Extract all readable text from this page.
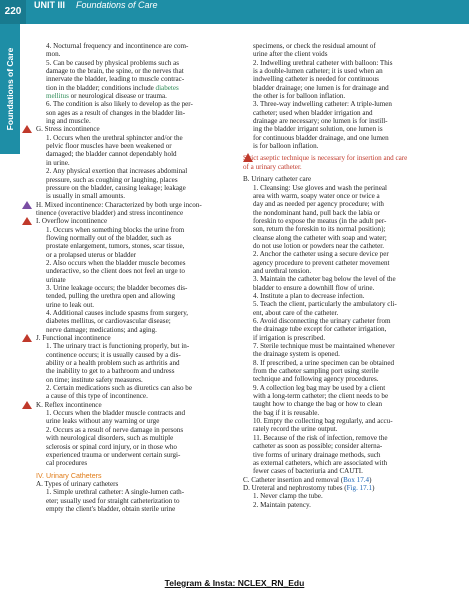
220
UNIT III Foundations of Care
Foundations of Care
4. Nocturnal frequency and incontinence are com-
mon.
5. Can be caused by physical problems such as
damage to the brain, the spine, or the nerves that
innervate the bladder, leading to muscle contrac-
tion in the bladder; conditions include diabetes
mellitus or neurological disease or trauma.
6. The condition is also likely to develop as the per-
son ages as a result of changes in the bladder lin-
ing and muscle.
G. Stress incontinence
1. Occurs when the urethral sphincter and/or the
pelvic floor muscles have been weakened or
damaged; the bladder cannot dependably hold
in urine.
2. Any physical exertion that increases abdominal
pressure, such as coughing or laughing, places
pressure on the bladder, causing leakage; leakage
is usually in small amounts.
H. Mixed incontinence: Characterized by both urge incon-
tinence (overactive bladder) and stress incontinence
I. Overflow incontinence
1. Occurs when something blocks the urine from
flowing normally out of the bladder, such as
prostate enlargement, tumors, stones, scar tissue,
or a prolapsed uterus or bladder
2. Also occurs when the bladder muscle becomes
underactive, so the client does not feel an urge to
urinate
3. Urine leakage occurs; the bladder becomes dis-
tended, pulling the urethra open and allowing
urine to leak out.
4. Additional causes include spasms from surgery,
diabetes mellitus, or cardiovascular disease;
nerve damage; medications; and aging.
J. Functional incontinence
1. The urinary tract is functioning properly, but in-
continence occurs; it is usually caused by a dis-
ability or a health problem such as arthritis and
the inability to get to a bathroom and undress
on time; institute safety measures.
2. Certain medications such as diuretics can also be
a cause of this type of incontinence.
K. Reflex incontinence
1. Occurs when the bladder muscle contracts and
urine leaks without any warning or urge
2. Occurs as a result of nerve damage in persons
with neurological disorders, such as multiple
sclerosis or spinal cord injury, or in those who
experienced trauma or underwent certain surgi-
cal procedures
IV. Urinary Catheters
A. Types of urinary catheters
1. Simple urethral catheter: A single-lumen cath-
eter; usually used for straight catheterization to
empty the client's bladder, obtain sterile urine
specimens, or check the residual amount of
urine after the client voids
2. Indwelling urethral catheter with balloon: This
is a double-lumen catheter; it is used when an
indwelling catheter is needed for continuous
bladder drainage; one lumen is for drainage and
the other is for balloon inflation.
3. Three-way indwelling catheter: A triple-lumen
catheter; used when bladder irrigation and
drainage are necessary; one lumen is for instill-
ing the bladder irrigant solution, one lumen is
for continuous bladder drainage, and one lumen
is for balloon inflation.
Strict aseptic technique is necessary for insertion and care
of a urinary catheter.
B. Urinary catheter care
1. Cleansing: Use gloves and wash the perineal
area with warm, soapy water once or twice a
day and as needed per agency procedure; with
the nondominant hand, pull back the labia or
foreskin to expose the meatus (in the adult per-
son, return the foreskin to its normal position);
cleanse along the catheter with soap and water;
do not use lotion or powders near the catheter.
2. Anchor the catheter using a secure device per
agency procedure to prevent catheter movement
and urethral tension.
3. Maintain the catheter bag below the level of the
bladder to ensure a downhill flow of urine.
4. Institute a plan to decrease infection.
5. Teach the client, particularly the ambulatory cli-
ent, about care of the catheter.
6. Avoid disconnecting the urinary catheter from
the drainage tube except for catheter irrigation,
if irrigation is prescribed.
7. Sterile technique must be maintained whenever
the drainage system is opened.
8. If prescribed, a urine specimen can be obtained
from the catheter sampling port using sterile
technique and following agency procedures.
9. A collection leg bag may be used by a client
with a long-term catheter; the client needs to be
taught how to change the bag or how to clean
the bag if it is reusable.
10. Empty the collecting bag regularly, and accu-
rately record the urine output.
11. Because of the risk of infection, remove the
catheter as soon as possible; consider alterna-
tive forms of urinary drainage methods, such
as external catheters, which are associated with
fewer cases of bacteriuria and CAUTI.
C. Catheter insertion and removal (Box 17.4)
D. Ureteral and nephrostomy tubes (Fig. 17.1)
1. Never clamp the tube.
2. Maintain patency.
Telegram & Insta: NCLEX_RN_Edu
